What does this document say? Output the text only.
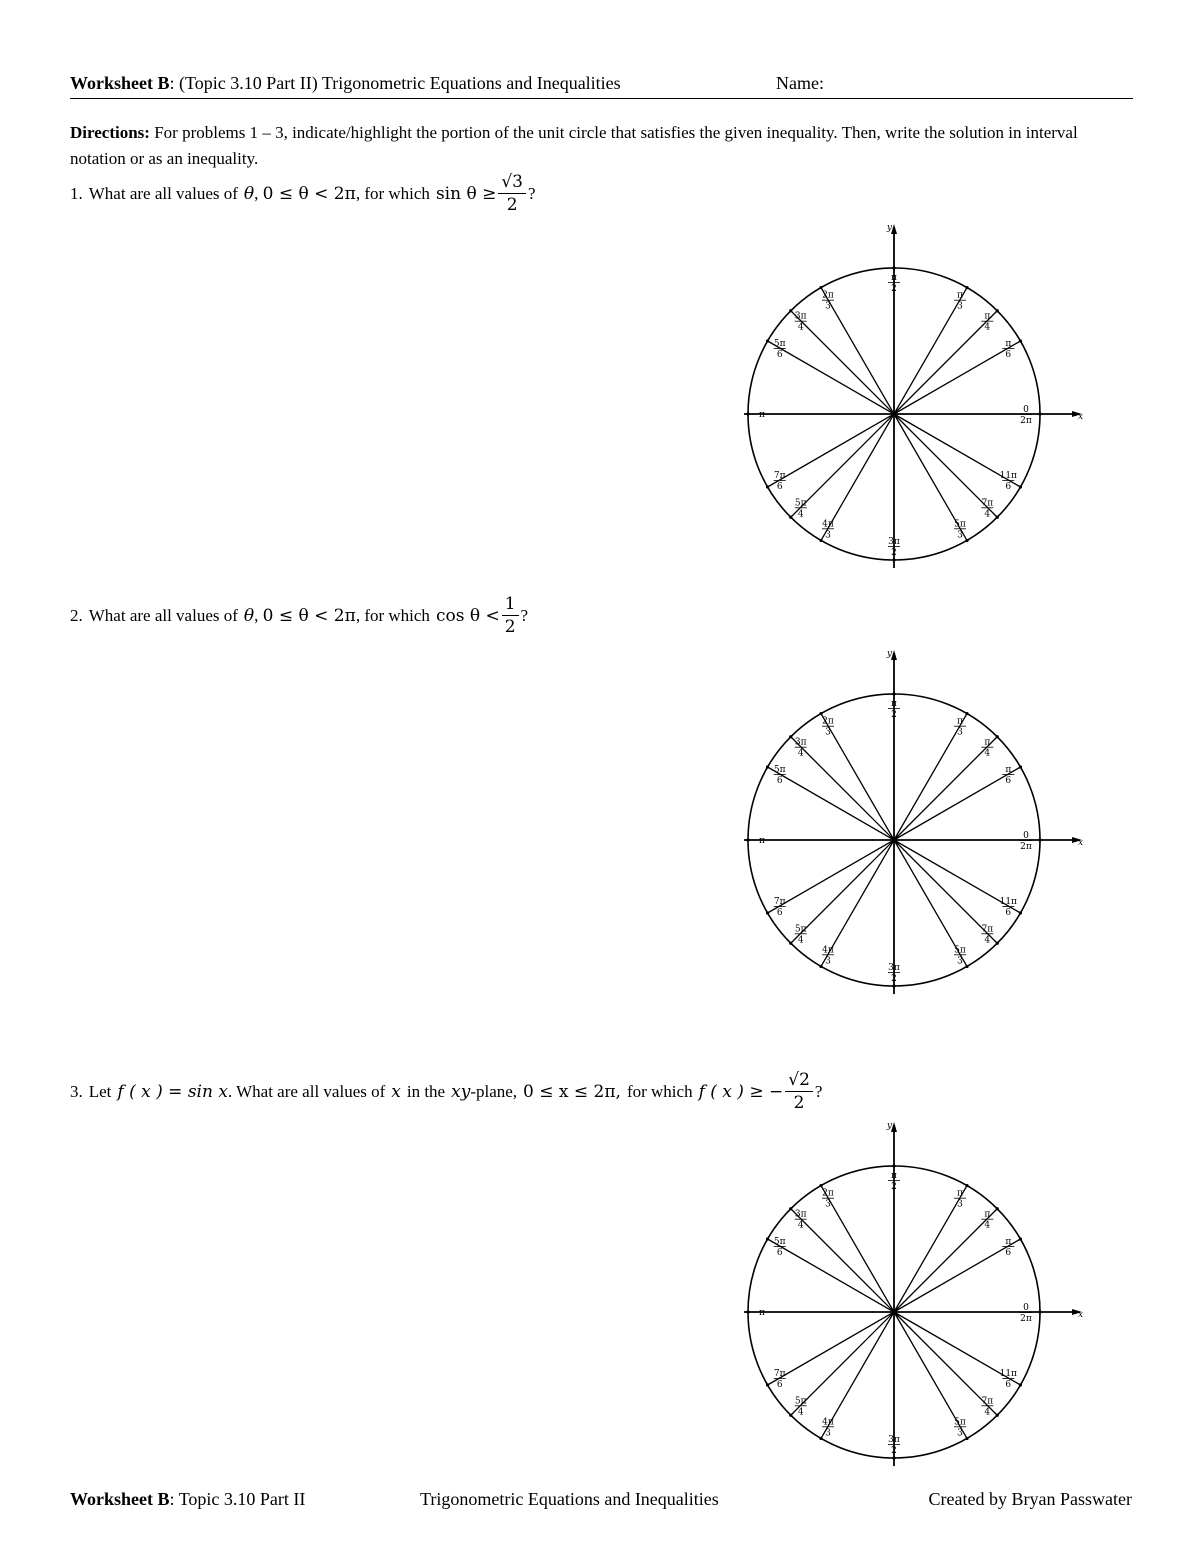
Worksheet B: (Topic 3.10 Part II) Trigonometric Equations and Inequalities	Name:
Directions: For problems 1 – 3, indicate/highlight the portion of the unit circle that satisfies the given inequality. Then, write the solution in interval notation or as an inequality.
1. What are all values of θ , 0 ≤ θ < 2π , for which $\sin \theta \ge \frac{√3}{2}$ ?
2. What are all values of θ , 0 ≤ θ < 2π , for which $\cos \theta < \frac{1}{2}$ ?
3. Let f ( x ) = sin x . What are all values of x in the xy -plane, 0 ≤ x ≤ 2π, for which f ( x ) ≥ − $\frac{√2}{2}$ ?
x
y
0
2π
π
6
π
4
π
3
π
2
2π
3
3π
4
5π
6
π
7π
6
5π
4
4π
3
3π
2
5π
3
7π
4
11π
6
x
y
0
2π
π
6
π
4
π
3
π
2
2π
3
3π
4
5π
6
π
7π
6
5π
4
4π
3
3π
2
5π
3
7π
4
11π
6
x
y
0
2π
π
6
π
4
π
3
π
2
2π
3
3π
4
5π
6
π
7π
6
5π
4
4π
3
3π
2
5π
3
7π
4
11π
6
Worksheet B: Topic 3.10 Part II	Trigonometric Equations and Inequalities	Created by Bryan Passwater
